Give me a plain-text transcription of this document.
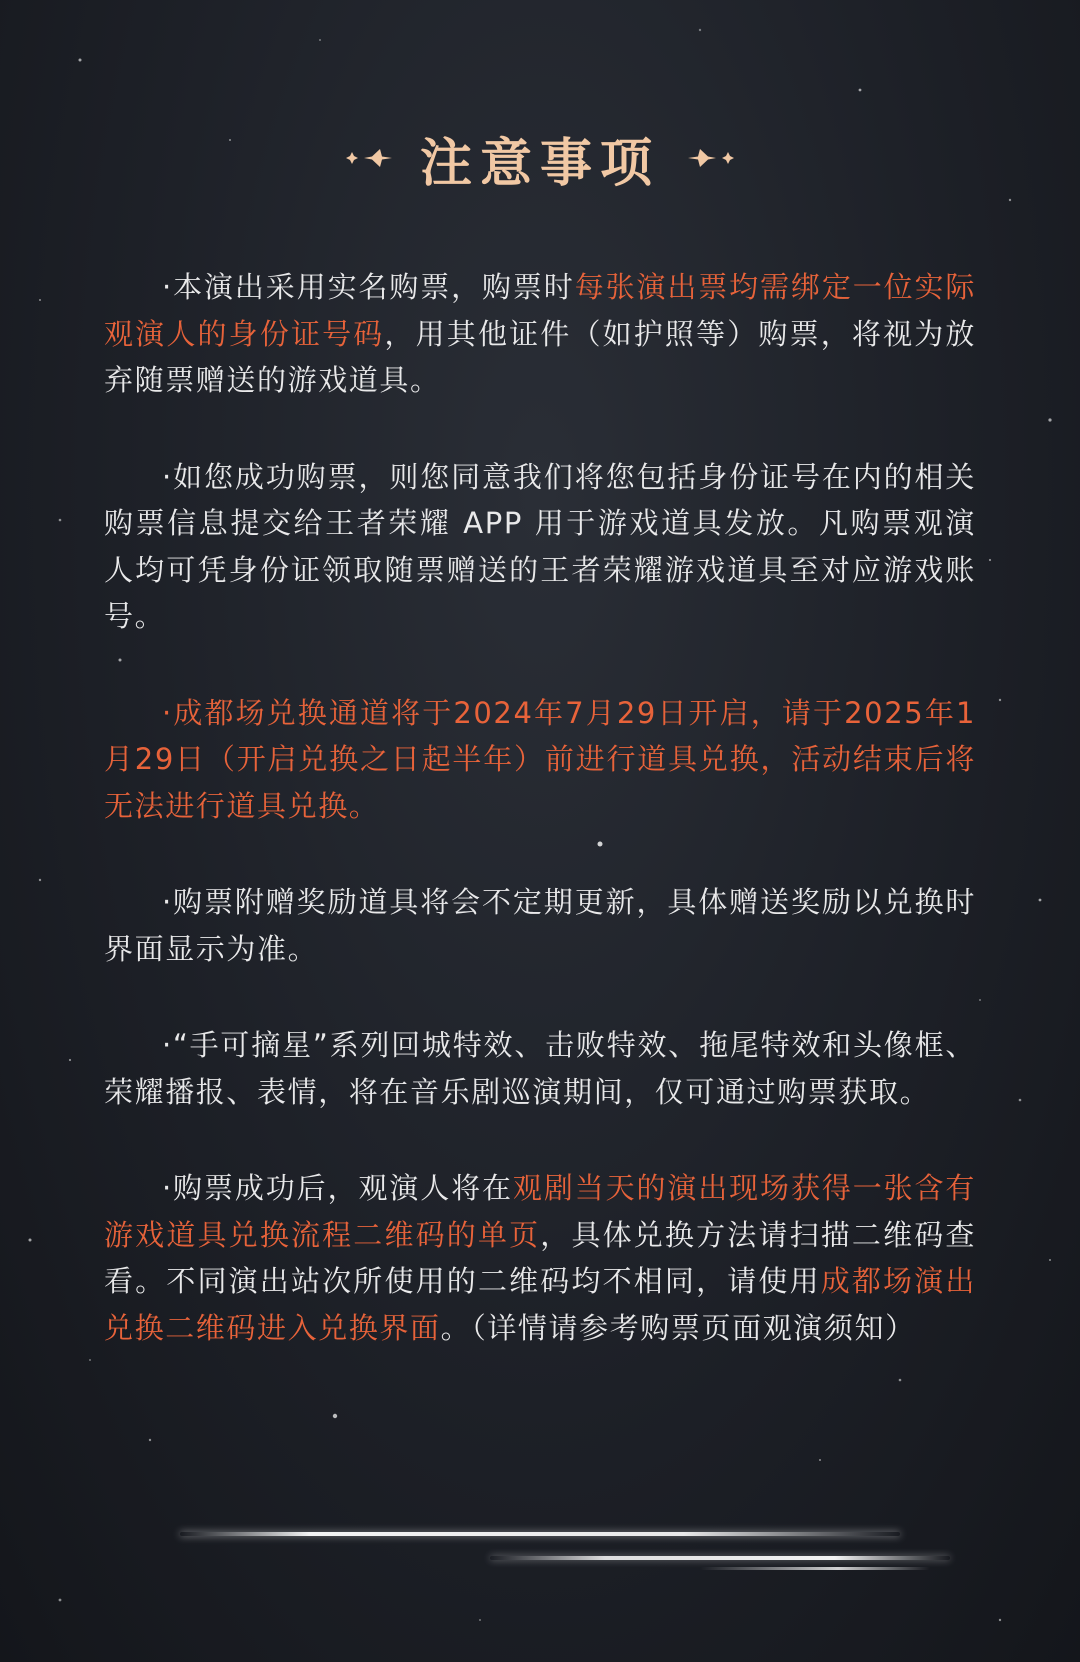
注意事项

·本演出采用实名购票，购票时每张演出票均需绑定一位实际观演人的身份证号码，用其他证件（如护照等）购票，将视为放弃随票赠送的游戏道具。

·如您成功购票，则您同意我们将您包括身份证号在内的相关购票信息提交给王者荣耀 APP 用于游戏道具发放。凡购票观演人均可凭身份证领取随票赠送的王者荣耀游戏道具至对应游戏账号。

·成都场兑换通道将于2024年7月29日开启，请于2025年1月29日（开启兑换之日起半年）前进行道具兑换，活动结束后将无法进行道具兑换。

·购票附赠奖励道具将会不定期更新，具体赠送奖励以兑换时界面显示为准。

·“手可摘星”系列回城特效、击败特效、拖尾特效和头像框、荣耀播报、表情，将在音乐剧巡演期间，仅可通过购票获取。

·购票成功后，观演人将在观剧当天的演出现场获得一张含有游戏道具兑换流程二维码的单页，具体兑换方法请扫描二维码查看。不同演出站次所使用的二维码均不相同，请使用成都场演出兑换二维码进入兑换界面。（详情请参考购票页面观演须知）
